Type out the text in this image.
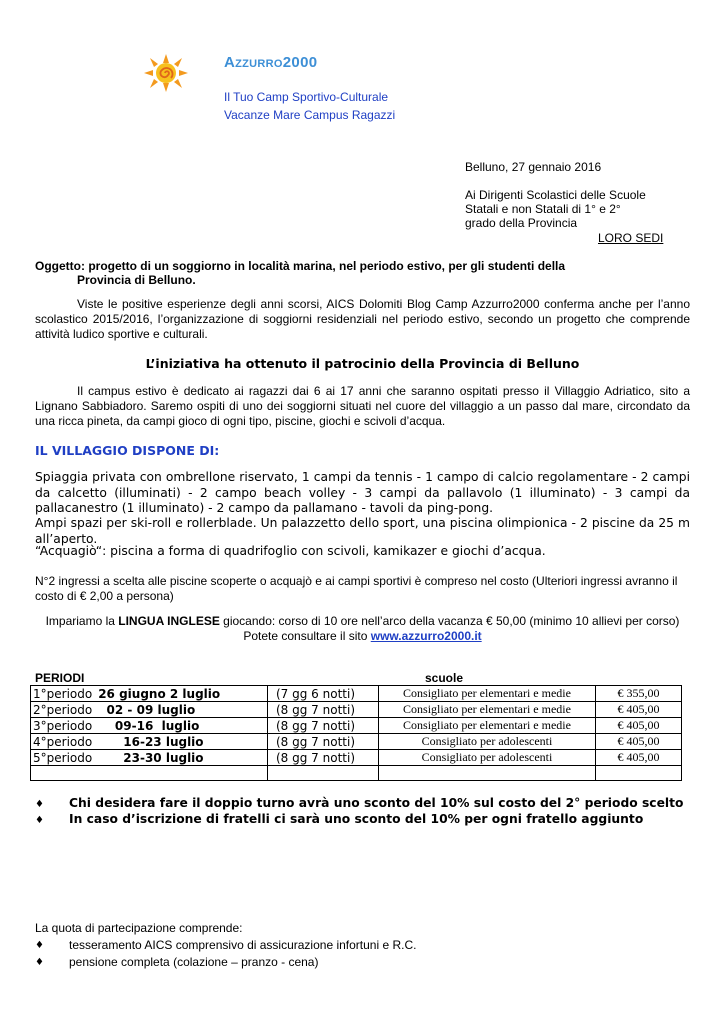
AZZURRO2000
Il Tuo Camp Sportivo-Culturale
Vacanze Mare Campus Ragazzi
Belluno, 27 gennaio 2016
Ai Dirigenti Scolastici delle Scuole
Statali e non Statali di 1° e 2°
grado della Provincia
LORO SEDI
Oggetto: progetto di un soggiorno in località marina, nel periodo estivo, per gli studenti della
Provincia di Belluno.
Viste le positive esperienze degli anni scorsi, AICS Dolomiti Blog Camp Azzurro2000 conferma anche per l’anno scolastico 2015/2016, l’organizzazione di soggiorni residenziali nel periodo estivo, secondo un progetto che comprende attività ludico sportive e culturali.
L’iniziativa ha ottenuto il patrocinio della Provincia di Belluno
Il campus estivo è dedicato ai ragazzi dai 6 ai 17 anni che saranno ospitati presso il Villaggio Adriatico, sito a Lignano Sabbiadoro. Saremo ospiti di uno dei soggiorni situati nel cuore del villaggio a un passo dal mare, circondato da una ricca pineta, da campi gioco di ogni tipo, piscine, giochi e scivoli d’acqua.
IL VILLAGGIO DISPONE DI:
Spiaggia privata con ombrellone riservato, 1 campi da tennis - 1 campo di calcio regolamentare - 2 campi da calcetto (illuminati) - 2 campo beach volley - 3 campi da pallavolo (1 illuminato) - 3 campi da pallacanestro (1 illuminato) - 2 campo da pallamano - tavoli da ping-pong.
Ampi spazi per ski-roll e rollerblade. Un palazzetto dello sport, una piscina olimpionica - 2 piscine da 25 m all’aperto.
“Acquagiò“: piscina a forma di quadrifoglio con scivoli, kamikazer e giochi d’acqua.
N°2 ingressi a scelta alle piscine scoperte o acquajò e ai campi sportivi è compreso nel costo (Ulteriori ingressi avranno il costo di € 2,00 a persona)
Impariamo la LINGUA INGLESE giocando: corso di 10 ore nell’arco della vacanza € 50,00 (minimo 10 allievi per corso)
Potete consultare il sito www.azzurro2000.it
PERIODI	scuole
1°periodo 26 giugno 2 luglio	(7 gg 6 notti)	Consigliato per elementari e medie	€ 355,00
2°periodo  02 - 09 luglio	(8 gg 7 notti)	Consigliato per elementari e medie	€ 405,00
3°periodo    09-16  luglio	(8 gg 7 notti)	Consigliato per elementari e medie	€ 405,00
4°periodo      16-23 luglio	(8 gg 7 notti)	Consigliato per adolescenti	€ 405,00
5°periodo      23-30 luglio	(8 gg 7 notti)	Consigliato per adolescenti	€ 405,00

♦	Chi desidera fare il doppio turno avrà uno sconto del 10% sul costo del 2° periodo scelto
♦	In caso d’iscrizione di fratelli ci sarà uno sconto del 10% per ogni fratello aggiunto
La quota di partecipazione comprende:
♦	tesseramento AICS comprensivo di assicurazione infortuni e R.C.
♦	pensione completa (colazione – pranzo - cena)
